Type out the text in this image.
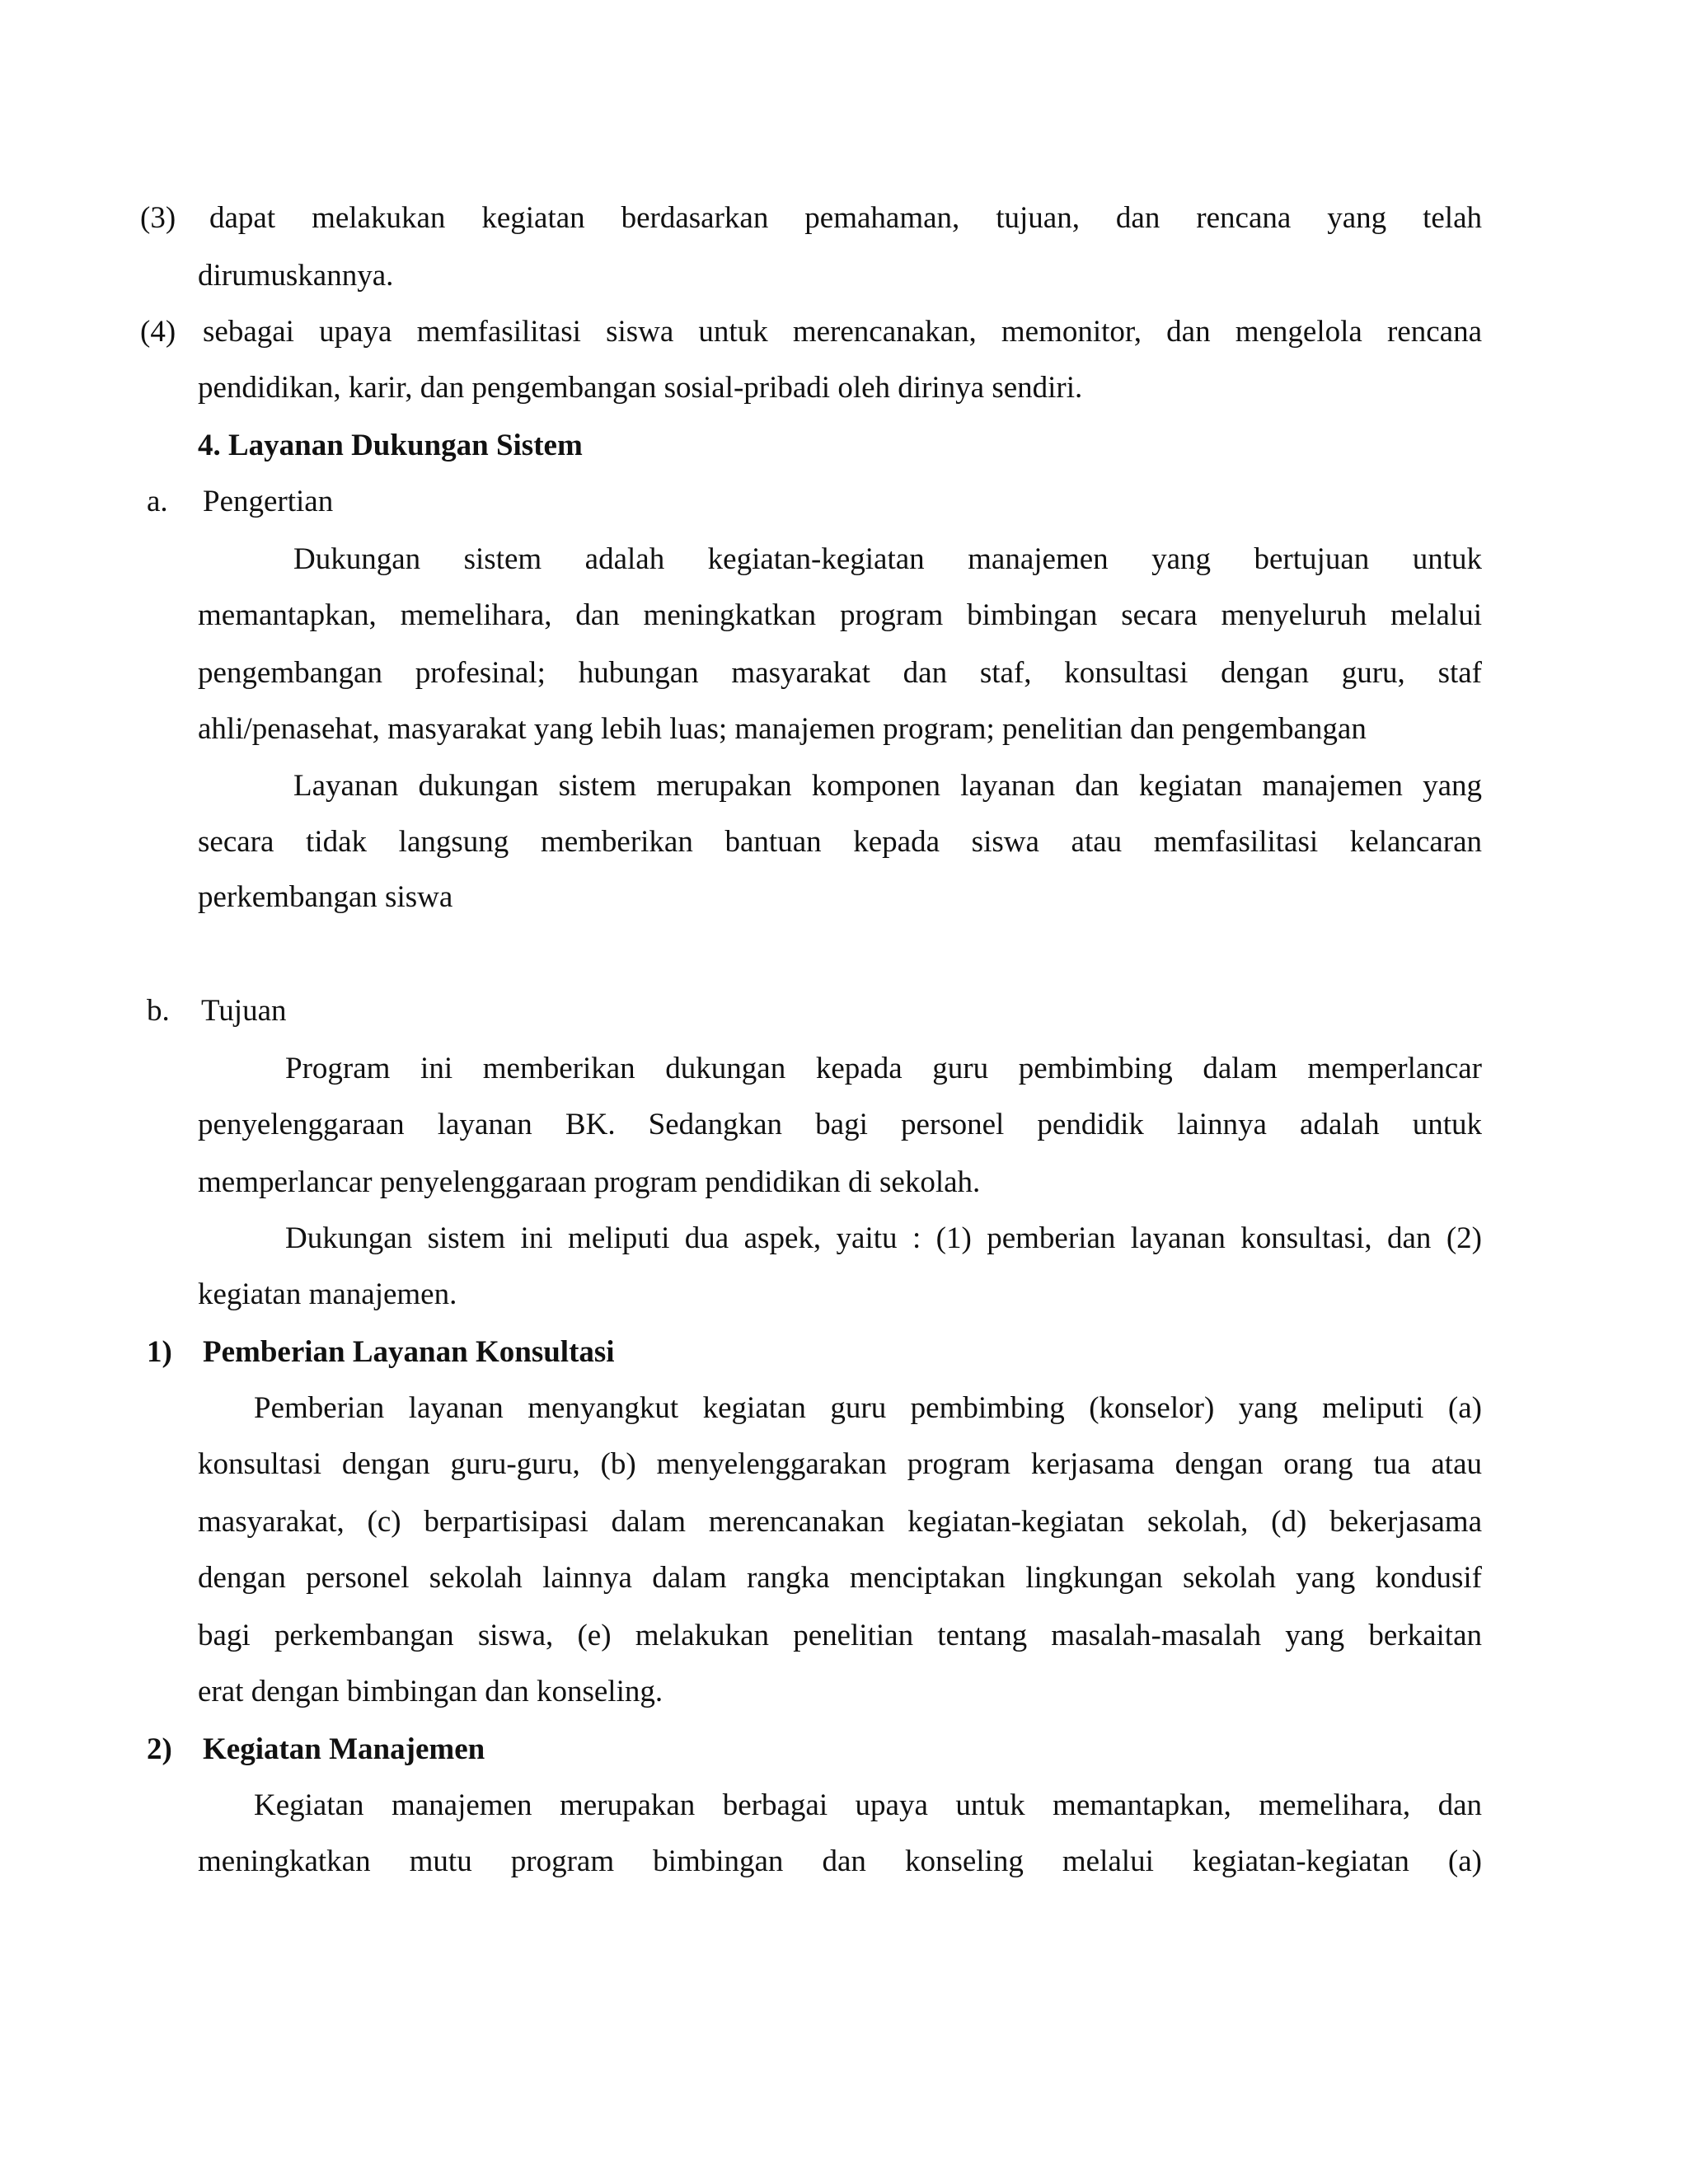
(3) dapat melakukan kegiatan berdasarkan pemahaman, tujuan, dan rencana yang telah
dirumuskannya.
(4) sebagai upaya memfasilitasi siswa untuk merencanakan, memonitor, dan mengelola rencana
pendidikan, karir, dan pengembangan sosial-pribadi oleh dirinya sendiri.
4. Layanan Dukungan Sistem
a. Pengertian
Dukungan sistem adalah kegiatan-kegiatan manajemen yang bertujuan untuk
memantapkan, memelihara, dan meningkatkan program bimbingan secara menyeluruh melalui
pengembangan profesinal; hubungan masyarakat dan staf, konsultasi dengan guru, staf
ahli/penasehat, masyarakat yang lebih luas; manajemen program; penelitian dan pengembangan
Layanan dukungan sistem merupakan komponen layanan dan kegiatan manajemen yang
secara tidak langsung memberikan bantuan kepada siswa atau memfasilitasi kelancaran
perkembangan siswa
b. Tujuan
Program ini memberikan dukungan kepada guru pembimbing dalam memperlancar
penyelenggaraan layanan BK. Sedangkan bagi personel pendidik lainnya adalah untuk
memperlancar penyelenggaraan program pendidikan di sekolah.
Dukungan sistem ini meliputi dua aspek, yaitu : (1) pemberian layanan konsultasi, dan (2)
kegiatan manajemen.
1) Pemberian Layanan Konsultasi
Pemberian layanan menyangkut kegiatan guru pembimbing (konselor) yang meliputi (a)
konsultasi dengan guru-guru, (b) menyelenggarakan program kerjasama dengan orang tua atau
masyarakat, (c) berpartisipasi dalam merencanakan kegiatan-kegiatan sekolah, (d) bekerjasama
dengan personel sekolah lainnya dalam rangka menciptakan lingkungan sekolah yang kondusif
bagi perkembangan siswa, (e) melakukan penelitian tentang masalah-masalah yang berkaitan
erat dengan bimbingan dan konseling.
2) Kegiatan Manajemen
Kegiatan manajemen merupakan berbagai upaya untuk memantapkan, memelihara, dan
meningkatkan mutu program bimbingan dan konseling melalui kegiatan-kegiatan (a)
